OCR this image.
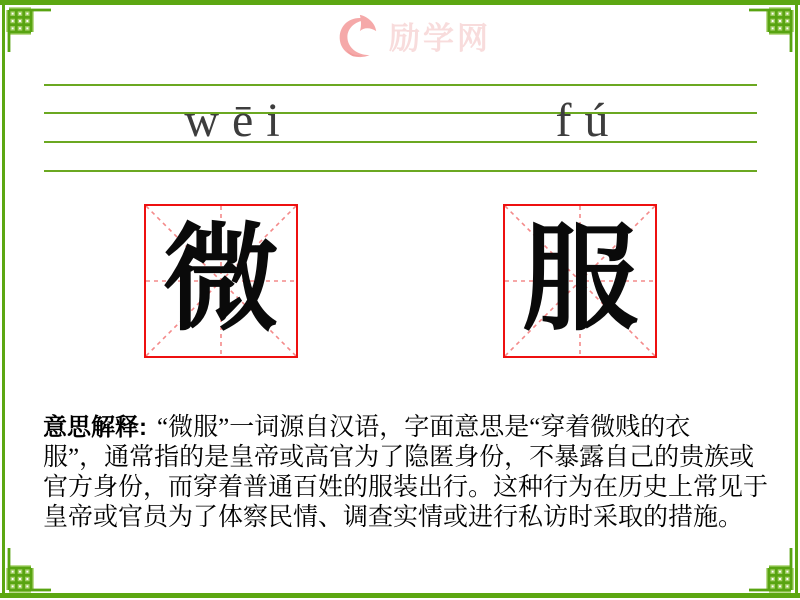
励学网
wēi	fú
微 服
意思解释: “微服”一词源自汉语，字面意思是“穿着微贱的衣
服”，通常指的是皇帝或高官为了隐匿身份，不暴露自己的贵族或
官方身份，而穿着普通百姓的服装出行。这种行为在历史上常见于
皇帝或官员为了体察民情、调查实情或进行私访时采取的措施。
